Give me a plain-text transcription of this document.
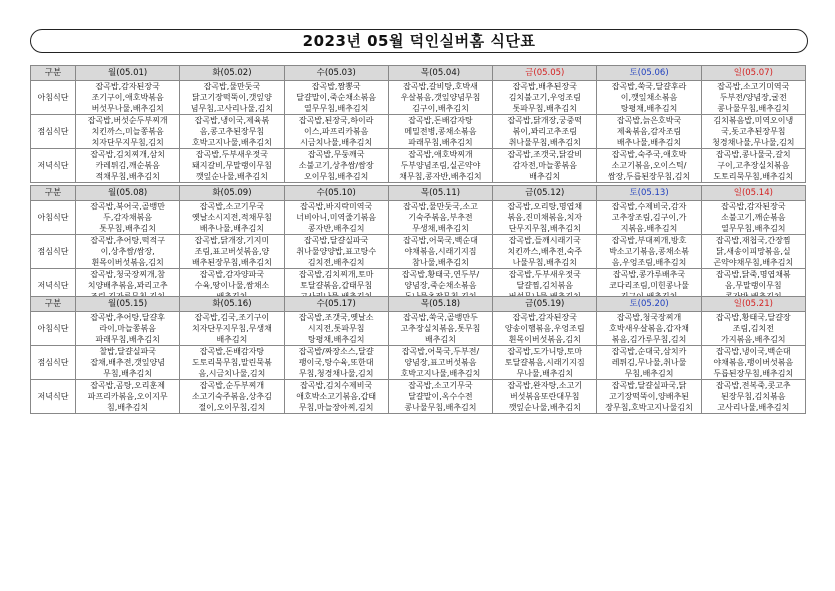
2023년 05월 덕인실버홈 식단표
구분	월(05.01)	화(05.02)	수(05.03)	목(05.04)	금(05.05)	토(05.06)	일(05.07)
아침식단	잡곡밥,감자된장국
조기구이,애호박볶음
버섯무나물,배추김치	잡곡밥,물만둣국
닭고기장떡뚝이,갯잎양
념무침,고사리나물,김치	잡곡밥,짬뽕국
달걀말이,죽순채소볶음
열무무침,배추김치	잡곡밥,갈비탕,호박새
우살볶음,갯잎양념무침
김구이,배추김치	잡곡밥,배추된장국
김치불고기,우엉조림
톳파무침,배추김치	잡곡밥,쑥국,달걀후라
이,깻잎채소볶음
탕평채,배추김치	잡곡밥,소고기미역국
두부전/양념장,굴전
콩나물무침,배추김치

점심식단	잡곡밥,버섯순두부찌개
치킨까스,미늘쫑볶음
치자단무지무침,김치	잡곡밥,냉이국,제육볶
음,콩고추된장무침
호박고지나물,배추김치	잡곡밥,된장국,하이라
이스,파프리카볶음
시금치나물,배추김치	잡곡밥,돈배감자탕
메밀전병,콩채소볶음
파래무침,배추김치	잡곡밥,닭개장,궁중떡
볶이,꽈리고추조림
취나물무침,배추김치	잡곡밥,늙은호박국
제육볶음,감자조림
배추나물,배추김치	김치볶음밥,미역오이냉
국,돗고추된장무침
청경채나물,무나물,김치

저녁식단	잡곡밥,김치찌개,삼치
카레튀김,깨순볶음
적채무침,배추김치	잡곡밥,두부새우젓국
돼지갈비,무말랭이무침
깻잎순나물,배추김치	잡곡밥,무둥깨국
소불고기,상추쌈/쌈장
오이무침,배추김치	잡곡밥,애호박찌개
두부양념조림,실곤약야
채무침,콩자반,배추김치	잡곡밥,조갯국,닭갈비
감자전,마늘쫑볶음
배추김치	잡곡밥,숙주국,애호박
소고기볶음,오이스틱/
쌈장,두릅된장무침,김치	잡곡밥,콩나물국,갈치
구이,고추장실치볶음
도토리묵무침,배추김치
구분	월(05.08)	화(05.09)	수(05.10)	목(05.11)	금(05.12)	토(05.13)	일(05.14)
아침식단	잡곡밥,북어국,골뱅만
두,감자채볶음
톳무침,배추김치	잡곡밥,소고기무국
옛날소시지전,적채무침
배추나물,배추김치	잡곡밥,바지락미역국
너비아니,미역줄기볶음
콩자반,배추김치	잡곡밥,물만둣국,소고
기숙주볶음,부추전
무생채,배추김치	잡곡밥,오리탕,명엽채
볶음,진미채볶음,치자
단무지무침,배추김치	잡곡밥,수제비국,감자
고추장조림,김구이,가
지볶음,배추김치	잡곡밥,감자된장국
소불고기,깨순볶음
열무무침,배추김치

점심식단	잡곡밥,추어탕,떡적구
이,상추쌈/쌈장,
흰목이버섯볶음,김치	잡곡밥,닭개장,기지미
조림,표고버섯볶음,양
배추된장무침,배추김치	잡곡밥,달걀실파국
취나물양양밥,표고탕수
김치전,배추김치	잡곡밥,어묵국,백순대
야채볶음,시래기지짐
참나물,배추김치	잡곡밥,들깨시래기국
치킨까스,배추전,숙주
나물무침,배추김치	잡곡밥,부대찌개,방호
박소고기볶음,콩채소볶
음,우엉조림,배추김치	잡곡밥,재첩국,간장찜
닭,새송이피망볶음,실
곤약야채무침,배추김치

저녁식단	잡곡밥,청국장찌개,참
치양배추볶음,꽈리고추	잡곡밥,감자양파국
수육,땅이나물,쌈채소	잡곡밥,김치찌개,토마
토달걀볶음,갑태무침	잡곡밥,황태국,연두부/
양념장,죽순채소볶음	잡곡밥,두부새우젓국
달걀찜,김치볶음	잡곡밥,콩가루배추국
코다리조림,미힌콩나물	잡곡밥,닭죽,명엽채볶
음,무말랭이무침
구분	월(05.15)	화(05.16)	수(05.17)	목(05.18)	금(05.19)	토(05.20)	일(05.21)
아침식단	잡곡밥,추어탕,달걀후
라이,마늘쫑볶음
파래무침,배추김치	잡곡밥,김국,조기구이
치자단무지무침,무생채
배추김치	잡곡밥,조갯국,옛날소
시지전,톳파무침
탕평채,배추김치	잡곡밥,쑥국,골뱅만두
고추장실치볶음,톳무침
배추김치	잡곡밥,감자된장국
양송이햄볶음,우엉조림
흰목이버섯볶음,김치	잡곡밥,청국장찌개
호박새우살볶음,갑자채
볶음,김가루무침,김치	잡곡밥,황태국,달걀장
조림,김치전
가지볶음,배추김치

점심식단	찰밥,달걀실파국
잡채,배추전,갯잎양념
무침,배추김치	잡곡밥,돈배감자탕
도토리묵무침,말린묵볶
음,시금치나물,김치	잡곡밥/짜장소스,달걀
팽이국,탕수육,또한대
무침,청경채나물,김치	잡곡밥,어묵국,두부전/
양념장,표고버섯볶음
호박고지나물,배추김치	잡곡밥,도가니탕,토마
토달걀볶음,시래기지짐
무나물,배추김치	잡곡밥,순대국,삼치카
레튀김,무나물,취나물
무침,배추김치	잡곡밥,냉이국,백순대
야채볶음,팽이버섯볶음
두릅된장무침,배추김치

저녁식단	잡곡밥,곰탕,오리훈제
파프리카볶음,오이지무
침,배추김치	잡곡밥,순두부찌개
소고기숙주볶음,상추김
절이,오이무침,김치	잡곡밥,김치수제비국
애호박소고기볶음,갑태
무침,마늘장아찌,김치	잡곡밥,소고기무국
달걀말이,옥수수전
콩나물무침,배추김치	잡곡밥,완자탕,소고기
버섯볶음또란대무침
깻잎순나물,배추김치	잡곡밥,달걀실파국,닭
고기장떡뚝이,양배추된
장무침,호박고지나물김치	잡곡밥,전복죽,콧고추
된장무침,김치볶음
고사리나물,배추김치
